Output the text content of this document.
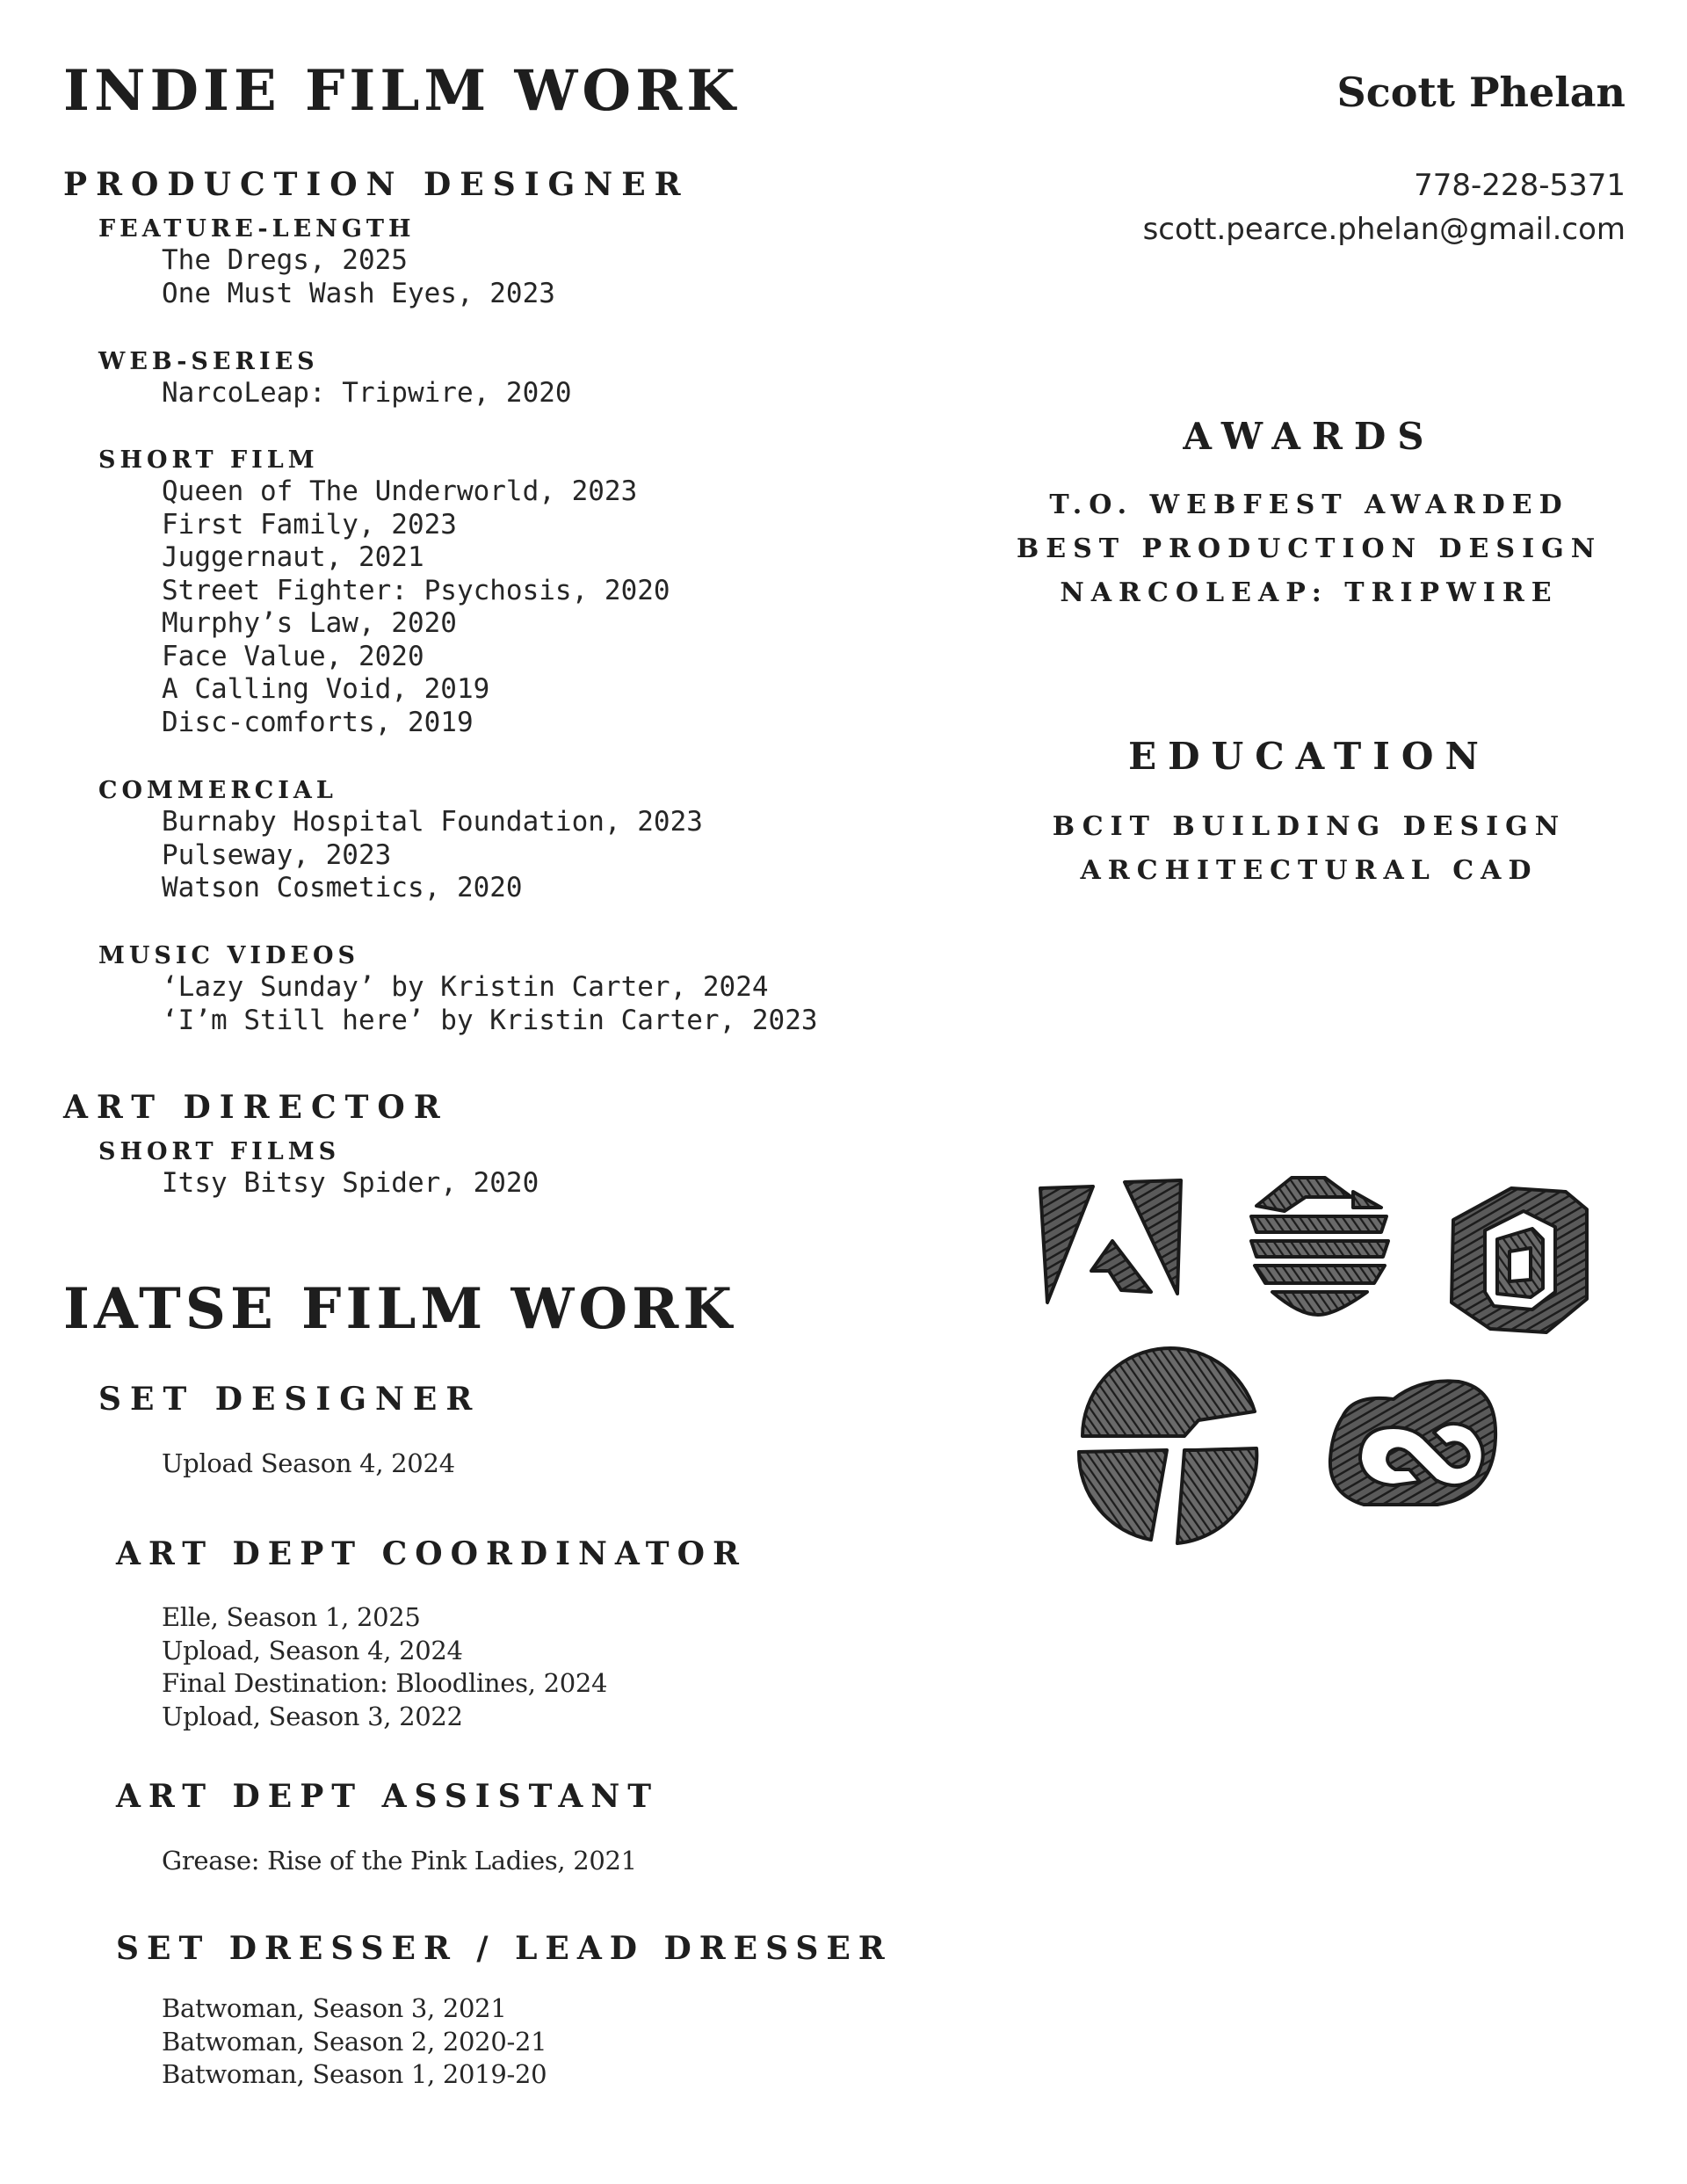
INDIE FILM WORK
PRODUCTION DESIGNER
FEATURE-LENGTH
The Dregs, 2025
One Must Wash Eyes, 2023
WEB-SERIES
NarcoLeap: Tripwire, 2020
SHORT FILM
Queen of The Underworld, 2023
First Family, 2023
Juggernaut, 2021
Street Fighter: Psychosis, 2020
Murphy’s Law, 2020
Face Value, 2020
A Calling Void, 2019
Disc-comforts, 2019
COMMERCIAL
Burnaby Hospital Foundation, 2023
Pulseway, 2023
Watson Cosmetics, 2020
MUSIC VIDEOS
‘Lazy Sunday’ by Kristin Carter, 2024
‘I’m Still here’ by Kristin Carter, 2023
ART DIRECTOR
SHORT FILMS
Itsy Bitsy Spider, 2020
IATSE FILM WORK
SET DESIGNER
Upload Season 4, 2024
ART DEPT COORDINATOR
Elle, Season 1, 2025
Upload, Season 4, 2024
Final Destination: Bloodlines, 2024
Upload, Season 3, 2022
ART DEPT ASSISTANT
Grease: Rise of the Pink Ladies, 2021
SET DRESSER / LEAD DRESSER
Batwoman, Season 3, 2021
Batwoman, Season 2, 2020-21
Batwoman, Season 1, 2019-20
Scott Phelan
778-228-5371
scott.pearce.phelan@gmail.com
AWARDS
T.O. WEBFEST AWARDED
BEST PRODUCTION DESIGN
NARCOLEAP: TRIPWIRE
EDUCATION
BCIT BUILDING DESIGN
ARCHITECTURAL CAD
